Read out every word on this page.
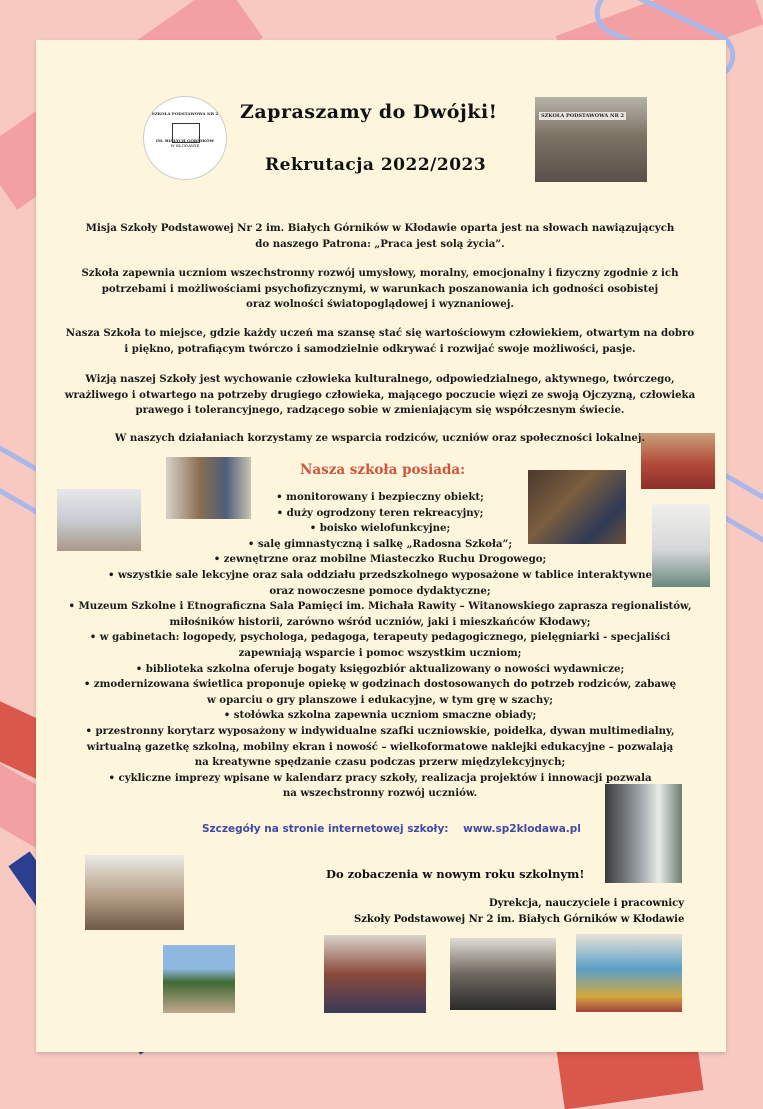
SZKOŁA PODSTAWOWA NR 2
IM. BIAŁYCH GÓRNIKÓW
W KŁODAWIE
Zapraszamy do Dwójki!
Rekrutacja 2022/2023
SZKOŁA PODSTAWOWA NR 2
Misja Szkoły Podstawowej Nr 2 im. Białych Górników w Kłodawie oparta jest na słowach nawiązujących
do naszego Patrona: „Praca jest solą życia”.
Szkoła zapewnia uczniom wszechstronny rozwój umysłowy, moralny, emocjonalny i fizyczny zgodnie z ich
potrzebami i możliwościami psychofizycznymi, w warunkach poszanowania ich godności osobistej
oraz wolności światopoglądowej i wyznaniowej.
Nasza Szkoła to miejsce, gdzie każdy uczeń ma szansę stać się wartościowym człowiekiem, otwartym na dobro
i piękno, potrafiącym twórczo i samodzielnie odkrywać i rozwijać swoje możliwości, pasje.
Wizją naszej Szkoły jest wychowanie człowieka kulturalnego, odpowiedzialnego, aktywnego, twórczego,
wrażliwego i otwartego na potrzeby drugiego człowieka, mającego poczucie więzi ze swoją Ojczyzną, człowieka
prawego i tolerancyjnego, radzącego sobie w zmieniającym się współczesnym świecie.
W naszych działaniach korzystamy ze wsparcia rodziców, uczniów oraz społeczności lokalnej.
Nasza szkoła posiada:
• monitorowany i bezpieczny obiekt;
• duży ogrodzony teren rekreacyjny;
• boisko wielofunkcyjne;
• salę gimnastyczną i salkę „Radosna Szkoła”;
• zewnętrzne oraz mobilne Miasteczko Ruchu Drogowego;
• wszystkie sale lekcyjne oraz sala oddziału przedszkolnego wyposażone w tablice interaktywne
oraz nowoczesne pomoce dydaktyczne;
• Muzeum Szkolne i Etnograficzna Sala Pamięci im. Michała Rawity – Witanowskiego zaprasza regionalistów,
miłośników historii, zarówno wśród uczniów, jaki i mieszkańców Kłodawy;
• w gabinetach: logopedy, psychologa, pedagoga, terapeuty pedagogicznego, pielęgniarki - specjaliści
zapewniają wsparcie i pomoc wszystkim uczniom;
• biblioteka szkolna oferuje bogaty księgozbiór aktualizowany o nowości wydawnicze;
• zmodernizowana świetlica proponuje opiekę w godzinach dostosowanych do potrzeb rodziców, zabawę
w oparciu o gry planszowe i edukacyjne, w tym grę w szachy;
• stołówka szkolna zapewnia uczniom smaczne obiady;
• przestronny korytarz wyposażony w indywidualne szafki uczniowskie, poidełka, dywan multimedialny,
wirtualną gazetkę szkolną, mobilny ekran i nowość – wielkoformatowe naklejki edukacyjne – pozwalają
na kreatywne spędzanie czasu podczas przerw międzylekcyjnych;
• cykliczne imprezy wpisane w kalendarz pracy szkoły, realizacja projektów i innowacji pozwala
na wszechstronny rozwój uczniów.
Szczegóły na stronie internetowej szkoły: www.sp2klodawa.pl
Do zobaczenia w nowym roku szkolnym!
Dyrekcja, nauczyciele i pracownicy
Szkoły Podstawowej Nr 2 im. Białych Górników w Kłodawie
